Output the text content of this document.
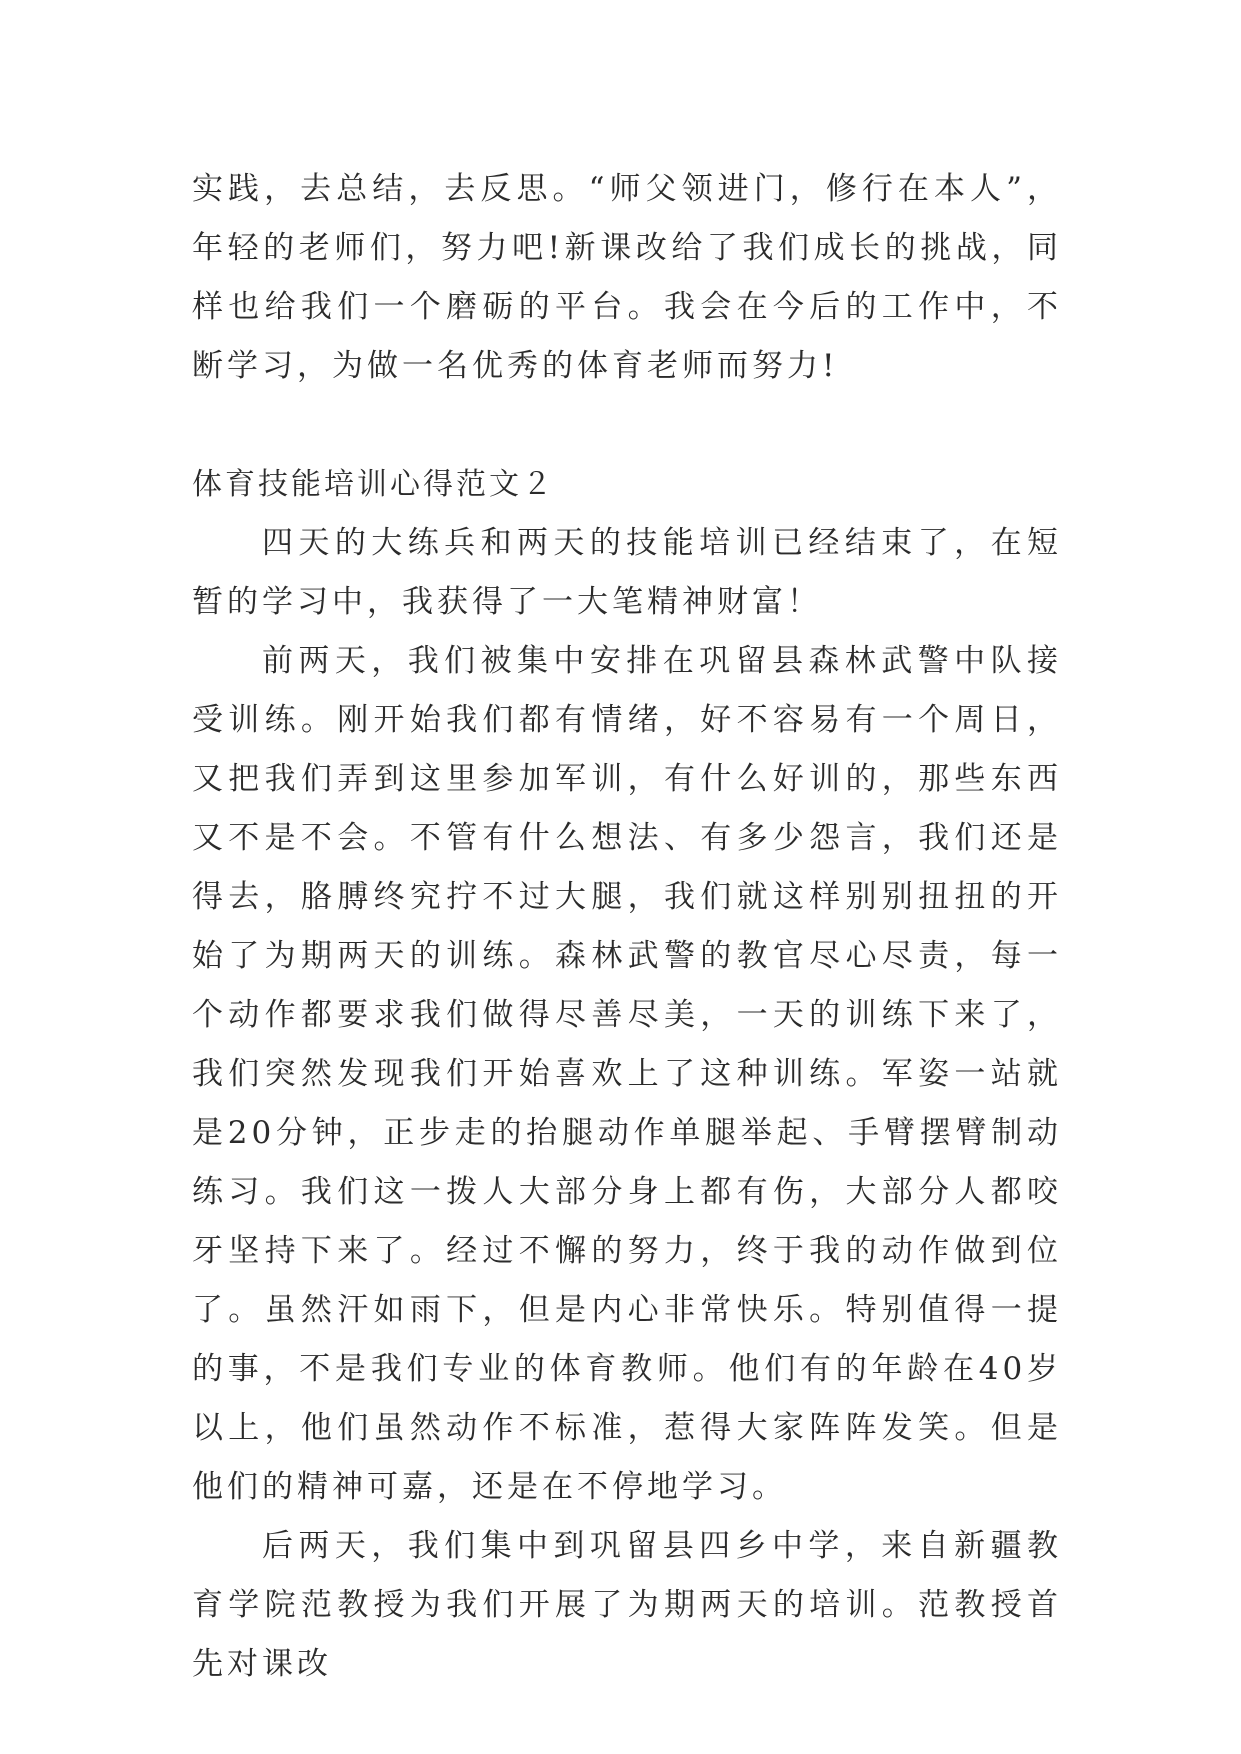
实践，去总结，去反思。“师父领进门，修行在本人”，年轻的老师们，努力吧!新课改给了我们成长的挑战，同样也给我们一个磨砺的平台。我会在今后的工作中，不断学习，为做一名优秀的体育老师而努力!

体育技能培训心得范文２

四天的大练兵和两天的技能培训已经结束了，在短暂的学习中，我获得了一大笔精神财富！

前两天，我们被集中安排在巩留县森林武警中队接受训练。刚开始我们都有情绪，好不容易有一个周日，又把我们弄到这里参加军训，有什么好训的，那些东西又不是不会。不管有什么想法、有多少怨言，我们还是得去，胳膊终究拧不过大腿，我们就这样别别扭扭的开始了为期两天的训练。森林武警的教官尽心尽责，每一个动作都要求我们做得尽善尽美，一天的训练下来了，我们突然发现我们开始喜欢上了这种训练。军姿一站就是20分钟，正步走的抬腿动作单腿举起、手臂摆臂制动练习。我们这一拨人大部分身上都有伤，大部分人都咬牙坚持下来了。经过不懈的努力，终于我的动作做到位了。虽然汗如雨下，但是内心非常快乐。特别值得一提的事，不是我们专业的体育教师。他们有的年龄在40岁以上，他们虽然动作不标准，惹得大家阵阵发笑。但是他们的精神可嘉，还是在不停地学习。

后两天，我们集中到巩留县四乡中学，来自新疆教育学院范教授为我们开展了为期两天的培训。范教授首先对课改
